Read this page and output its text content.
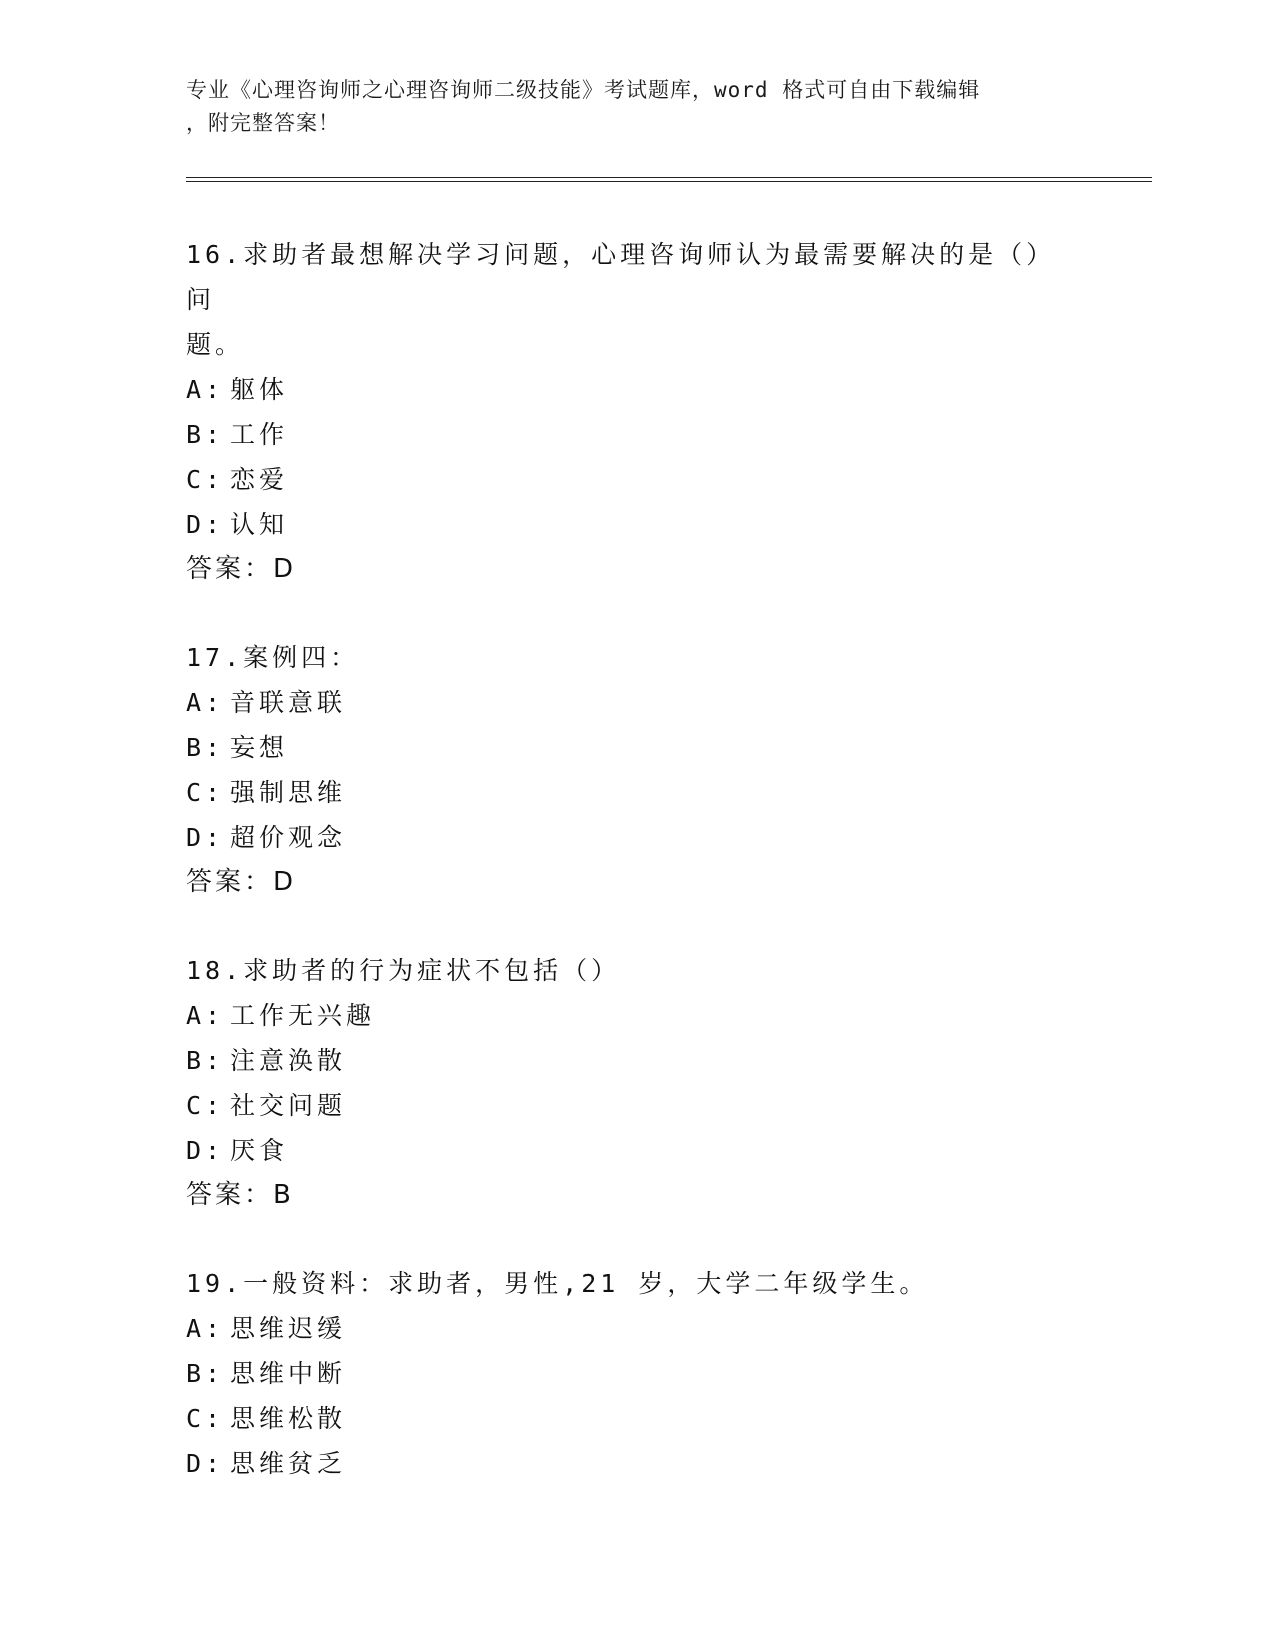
专业《心理咨询师之心理咨询师二级技能》考试题库，word 格式可自由下载编辑
，附完整答案！
16.求助者最想解决学习问题，心理咨询师认为最需要解决的是（）问
题。
A: 躯体
B: 工作
C: 恋爱
D: 认知
答案：D
17.案例四：
A: 音联意联
B: 妄想
C: 强制思维
D: 超价观念
答案：D
18.求助者的行为症状不包括（）
A: 工作无兴趣
B: 注意涣散
C: 社交问题
D: 厌食
答案：B
19.一般资料：求助者，男性,21 岁，大学二年级学生。
A: 思维迟缓
B: 思维中断
C: 思维松散
D: 思维贫乏
